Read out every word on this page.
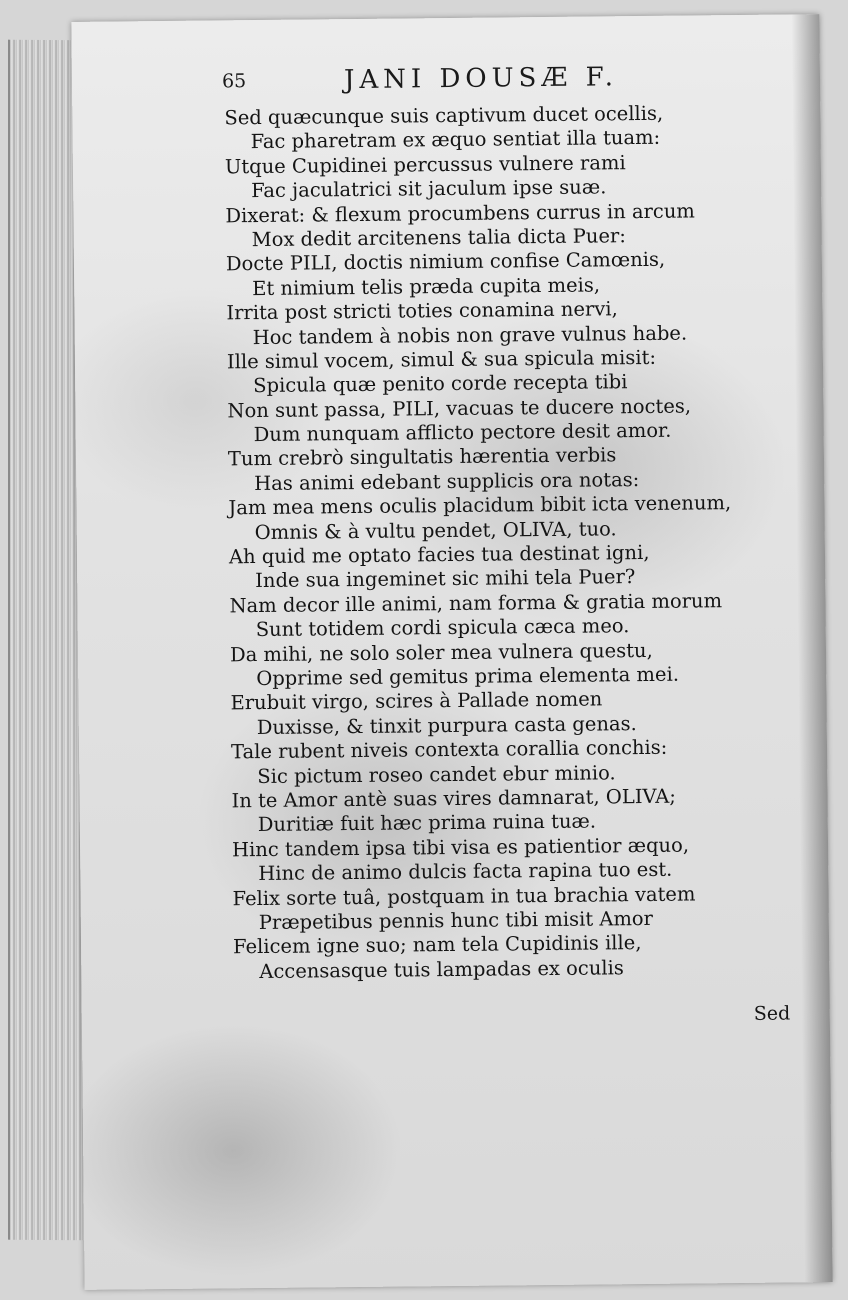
65	JANI DOUSÆ F.
Sed quæcunque suis captivum ducet ocellis,
Fac pharetram ex æquo sentiat illa tuam:
Utque Cupidinei percussus vulnere rami
Fac jaculatrici sit jaculum ipse suæ.
Dixerat: & flexum procumbens currus in arcum
Mox dedit arcitenens talia dicta Puer:
Docte PILI, doctis nimium confise Camœnis,
Et nimium telis præda cupita meis,
Irrita post stricti toties conamina nervi,
Hoc tandem à nobis non grave vulnus habe.
Ille simul vocem, simul & sua spicula misit:
Spicula quæ penito corde recepta tibi
Non sunt passa, PILI, vacuas te ducere noctes,
Dum nunquam afflicto pectore desit amor.
Tum crebrò singultatis hærentia verbis
Has animi edebant supplicis ora notas:
Jam mea mens oculis placidum bibit icta venenum,
Omnis & à vultu pendet, OLIVA, tuo.
Ah quid me optato facies tua destinat igni,
Inde sua ingeminet sic mihi tela Puer?
Nam decor ille animi, nam forma & gratia morum
Sunt totidem cordi spicula cæca meo.
Da mihi, ne solo soler mea vulnera questu,
Opprime sed gemitus prima elementa mei.
Erubuit virgo, scires à Pallade nomen
Duxisse, & tinxit purpura casta genas.
Tale rubent niveis contexta corallia conchis:
Sic pictum roseo candet ebur minio.
In te Amor antè suas vires damnarat, OLIVA;
Duritiæ fuit hæc prima ruina tuæ.
Hinc tandem ipsa tibi visa es patientior æquo,
Hinc de animo dulcis facta rapina tuo est.
Felix sorte tuâ, postquam in tua brachia vatem
Præpetibus pennis hunc tibi misit Amor
Felicem igne suo; nam tela Cupidinis ille,
Accensasque tuis lampadas ex oculis
Sed
